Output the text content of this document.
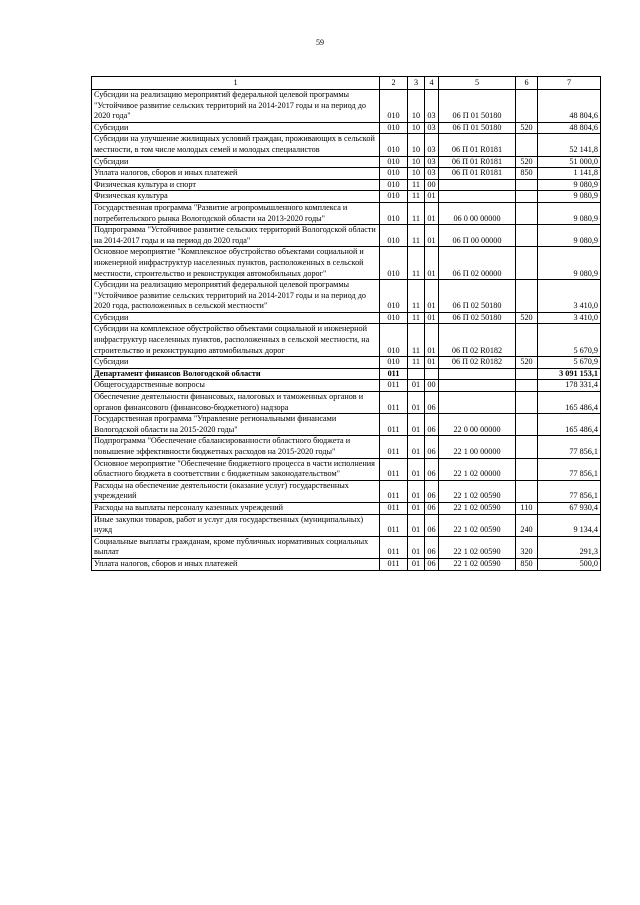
59
1	2	3	4	5	6	7
Субсидии на реализацию мероприятий федеральной целевой программы "Устойчивое развитие сельских территорий на 2014-2017 годы и на период до 2020 года"	010	10	03	06 П 01 50180		48 804,6
Субсидии	010	10	03	06 П 01 50180	520	48 804,6
Субсидии на улучшение жилищных условий граждан, проживающих в сельской местности, в том числе молодых семей и молодых специалистов	010	10	03	06 П 01 R0181		52 141,8
Субсидии	010	10	03	06 П 01 R0181	520	51 000,0
Уплата налогов, сборов и иных платежей	010	10	03	06 П 01 R0181	850	1 141,8
Физическая культура и спорт	010	11	00			9 080,9
Физическая культура	010	11	01			9 080,9
Государственная программа "Развитие агропромышленного комплекса и потребительского рынка Вологодской области на 2013-2020 годы"	010	11	01	06 0 00 00000		9 080,9
Подпрограмма "Устойчивое развитие сельских территорий Вологодской области на 2014-2017 годы и на период до 2020 года"	010	11	01	06 П 00 00000		9 080,9
Основное мероприятие "Комплексное обустройство объектами социальной и инженерной инфраструктур населенных пунктов, расположенных в сельской местности, строительство и реконструкция автомобильных дорог"	010	11	01	06 П 02 00000		9 080,9
Субсидии на реализацию мероприятий федеральной целевой программы "Устойчивое развитие сельских территорий на 2014-2017 годы и на период до 2020 года, расположенных в сельской местности"	010	11	01	06 П 02 50180		3 410,0
Субсидии	010	11	01	06 П 02 50180	520	3 410,0
Субсидии на комплексное обустройство объектами социальной и инженерной инфраструктур населенных пунктов, расположенных в сельской местности, на строительство и реконструкцию автомобильных дорог	010	11	01	06 П 02 R0182		5 670,9
Субсидии	010	11	01	06 П 02 R0182	520	5 670,9
Департамент финансов Вологодской области	011					3 091 153,1
Общегосударственные вопросы	011	01	00			178 331,4
Обеспечение деятельности финансовых, налоговых и таможенных органов и органов финансового (финансово-бюджетного) надзора	011	01	06			165 486,4
Государственная программа "Управление региональными финансами Вологодской области на 2015-2020 годы"	011	01	06	22 0 00 00000		165 486,4
Подпрограмма "Обеспечение сбалансированности областного бюджета и повышение эффективности бюджетных расходов на 2015-2020 годы"	011	01	06	22 1 00 00000		77 856,1
Основное мероприятие "Обеспечение бюджетного процесса в части исполнения областного бюджета в соответствии с бюджетным законодательством"	011	01	06	22 1 02 00000		77 856,1
Расходы на обеспечение деятельности (оказание услуг) государственных учреждений	011	01	06	22 1 02 00590		77 856,1
Расходы на выплаты персоналу казенных учреждений	011	01	06	22 1 02 00590	110	67 930,4
Иные закупки товаров, работ и услуг для государственных (муниципальных) нужд	011	01	06	22 1 02 00590	240	9 134,4
Социальные выплаты гражданам, кроме публичных нормативных социальных выплат	011	01	06	22 1 02 00590	320	291,3
Уплата налогов, сборов и иных платежей	011	01	06	22 1 02 00590	850	500,0
